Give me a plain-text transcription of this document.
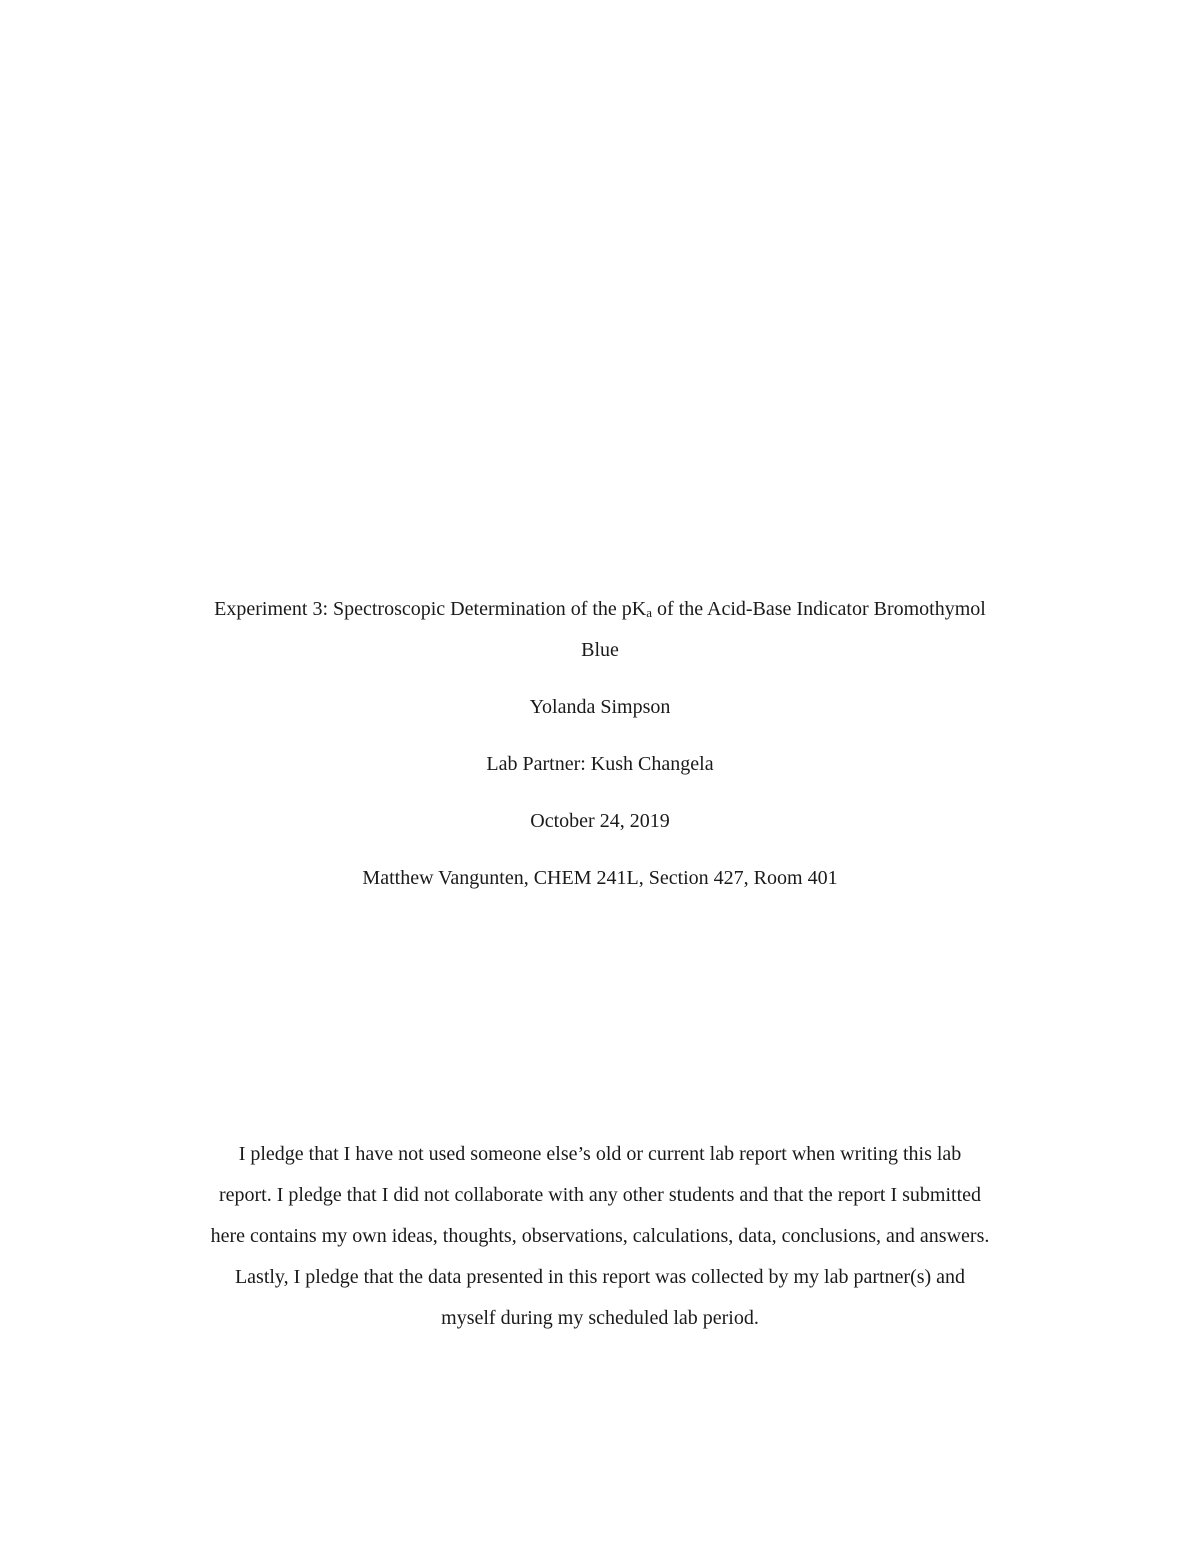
Experiment 3: Spectroscopic Determination of the $pK_a$ of the Acid-Base Indicator Bromothymol

Blue

Yolanda Simpson

Lab Partner: Kush Changela

October 24, 2019

Matthew Vangunten, CHEM 241L, Section 427, Room 401

I pledge that I have not used someone else’s old or current lab report when writing this lab

report. I pledge that I did not collaborate with any other students and that the report I submitted

here contains my own ideas, thoughts, observations, calculations, data, conclusions, and answers.

Lastly, I pledge that the data presented in this report was collected by my lab partner(s) and

myself during my scheduled lab period.
